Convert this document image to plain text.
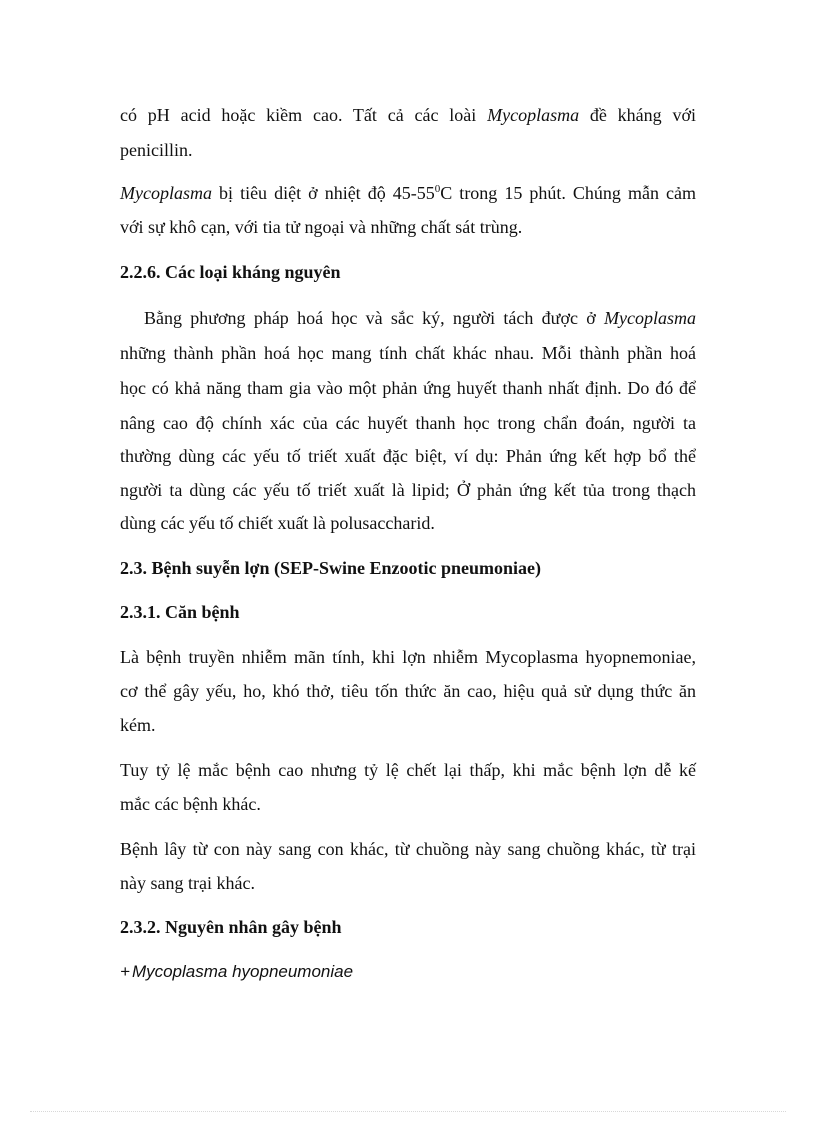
có pH acid hoặc kiềm cao. Tất cả các loài Mycoplasma đề kháng với
penicillin.
Mycoplasma bị tiêu diệt ở nhiệt độ $45-55^0C$ trong 15 phút. Chúng mẫn cảm
với sự khô cạn, với tia tử ngoại và những chất sát trùng.
2.2.6. Các loại kháng nguyên
Bằng phương pháp hoá học và sắc ký, người tách được ở Mycoplasma
những thành phần hoá học mang tính chất khác nhau. Mỗi thành phần hoá
học có khả năng tham gia vào một phản ứng huyết thanh nhất định. Do đó để
nâng cao độ chính xác của các huyết thanh học trong chẩn đoán, người ta
thường dùng các yếu tố triết xuất đặc biệt, ví dụ: Phản ứng kết hợp bổ thể
người ta dùng các yếu tố triết xuất là lipid; Ở phản ứng kết tủa trong thạch
dùng các yếu tố chiết xuất là polusaccharid.
2.3. Bệnh suyễn lợn (SEP-Swine Enzootic pneumoniae)
2.3.1. Căn bệnh
Là bệnh truyền nhiễm mãn tính, khi lợn nhiễm Mycoplasma hyopnemoniae,
cơ thể gây yếu, ho, khó thở, tiêu tốn thức ăn cao, hiệu quả sử dụng thức ăn
kém.
Tuy tỷ lệ mắc bệnh cao nhưng tỷ lệ chết lại thấp, khi mắc bệnh lợn dễ kế
mắc các bệnh khác.
Bệnh lây từ con này sang con khác, từ chuồng này sang chuồng khác, từ trại
này sang trại khác.
2.3.2. Nguyên nhân gây bệnh
+ Mycoplasma hyopneumoniae
